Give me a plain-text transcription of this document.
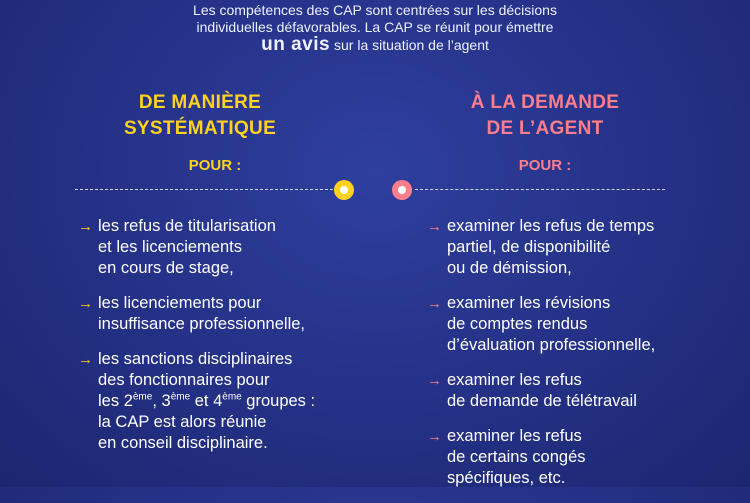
Les compétences des CAP sont centrées sur les décisions
individuelles défavorables. La CAP se réunit pour émettre
un avis sur la situation de l’agent
DE MANIÈRE
SYSTÉMATIQUE
POUR :
→ les refus de titularisation
et les licenciements
en cours de stage,
→ les licenciements pour
insuffisance professionnelle,
→ les sanctions disciplinaires
des fonctionnaires pour
les 2ème, 3ème et 4ème groupes :
la CAP est alors réunie
en conseil disciplinaire.
À LA DEMANDE
DE L’AGENT
POUR :
→ examiner les refus de temps
partiel, de disponibilité
ou de démission,
→ examiner les révisions
de comptes rendus
d’évaluation professionnelle,
→ examiner les refus
de demande de télétravail
→ examiner les refus
de certains congés
spécifiques, etc.
